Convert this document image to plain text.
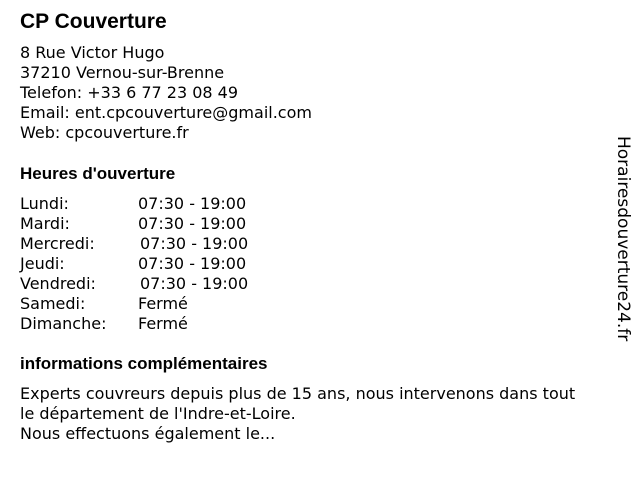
CP Couverture
8 Rue Victor Hugo
37210 Vernou-sur-Brenne
Telefon: +33 6 77 23 08 49
Email: ent.cpcouverture@gmail.com
Web: cpcouverture.fr
Heures d'ouverture
Lundi:	07:30 - 19:00
Mardi:	07:30 - 19:00
Mercredi:	07:30 - 19:00
Jeudi:	07:30 - 19:00
Vendredi:	07:30 - 19:00
Samedi:	Fermé
Dimanche:	Fermé
informations complémentaires
Experts couvreurs depuis plus de 15 ans, nous intervenons dans tout
le département de l'Indre-et-Loire.
Nous effectuons également le...
Horairesdouverture24.fr
